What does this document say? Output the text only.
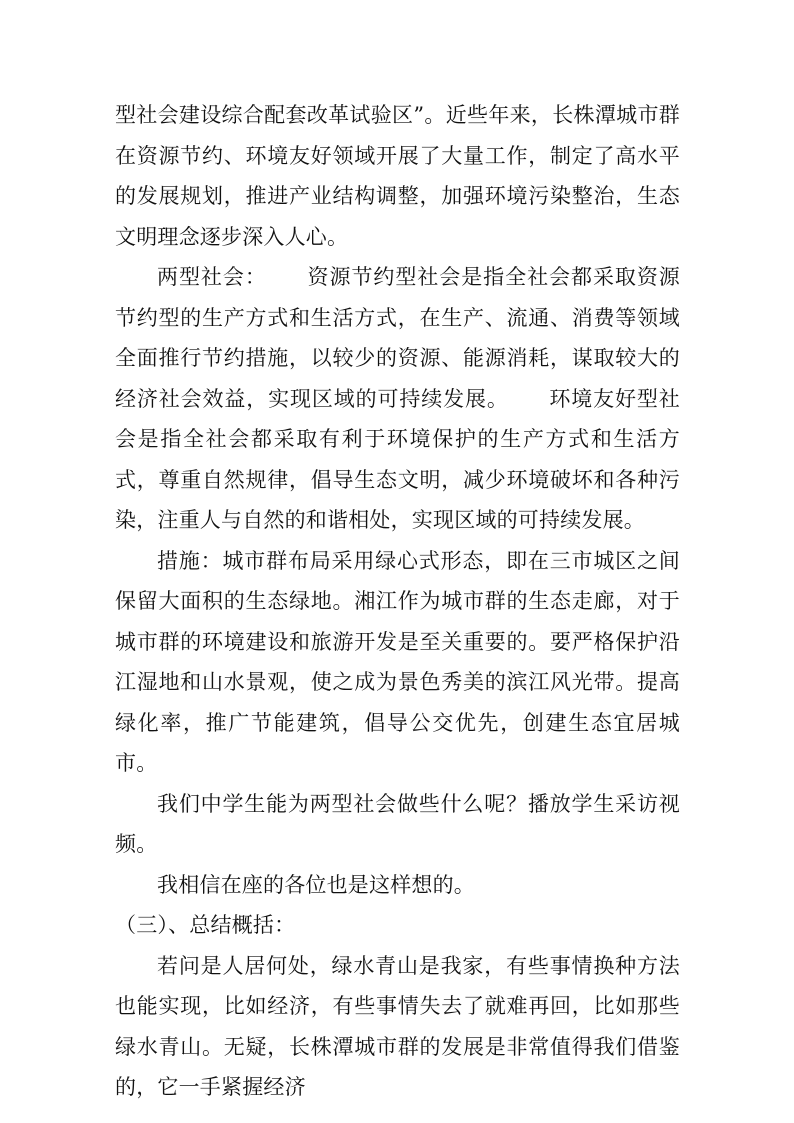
型社会建设综合配套改革试验区”。近些年来，长株潭城市群在资源节约、环境友好领域开展了大量工作，制定了高水平的发展规划，推进产业结构调整，加强环境污染整治，生态文明理念逐步深入人心。

两型社会： 资源节约型社会是指全社会都采取资源节约型的生产方式和生活方式，在生产、流通、消费等领域全面推行节约措施，以较少的资源、能源消耗，谋取较大的经济社会效益，实现区域的可持续发展。 环境友好型社会是指全社会都采取有利于环境保护的生产方式和生活方式，尊重自然规律，倡导生态文明，减少环境破坏和各种污染，注重人与自然的和谐相处，实现区域的可持续发展。

措施：城市群布局采用绿心式形态，即在三市城区之间保留大面积的生态绿地。湘江作为城市群的生态走廊，对于城市群的环境建设和旅游开发是至关重要的。要严格保护沿江湿地和山水景观，使之成为景色秀美的滨江风光带。提高绿化率，推广节能建筑，倡导公交优先，创建生态宜居城市。

我们中学生能为两型社会做些什么呢？播放学生采访视频。

我相信在座的各位也是这样想的。

（三）、总结概括：

若问是人居何处，绿水青山是我家，有些事情换种方法也能实现，比如经济，有些事情失去了就难再回，比如那些绿水青山。无疑，长株潭城市群的发展是非常值得我们借鉴的，它一手紧握经济
